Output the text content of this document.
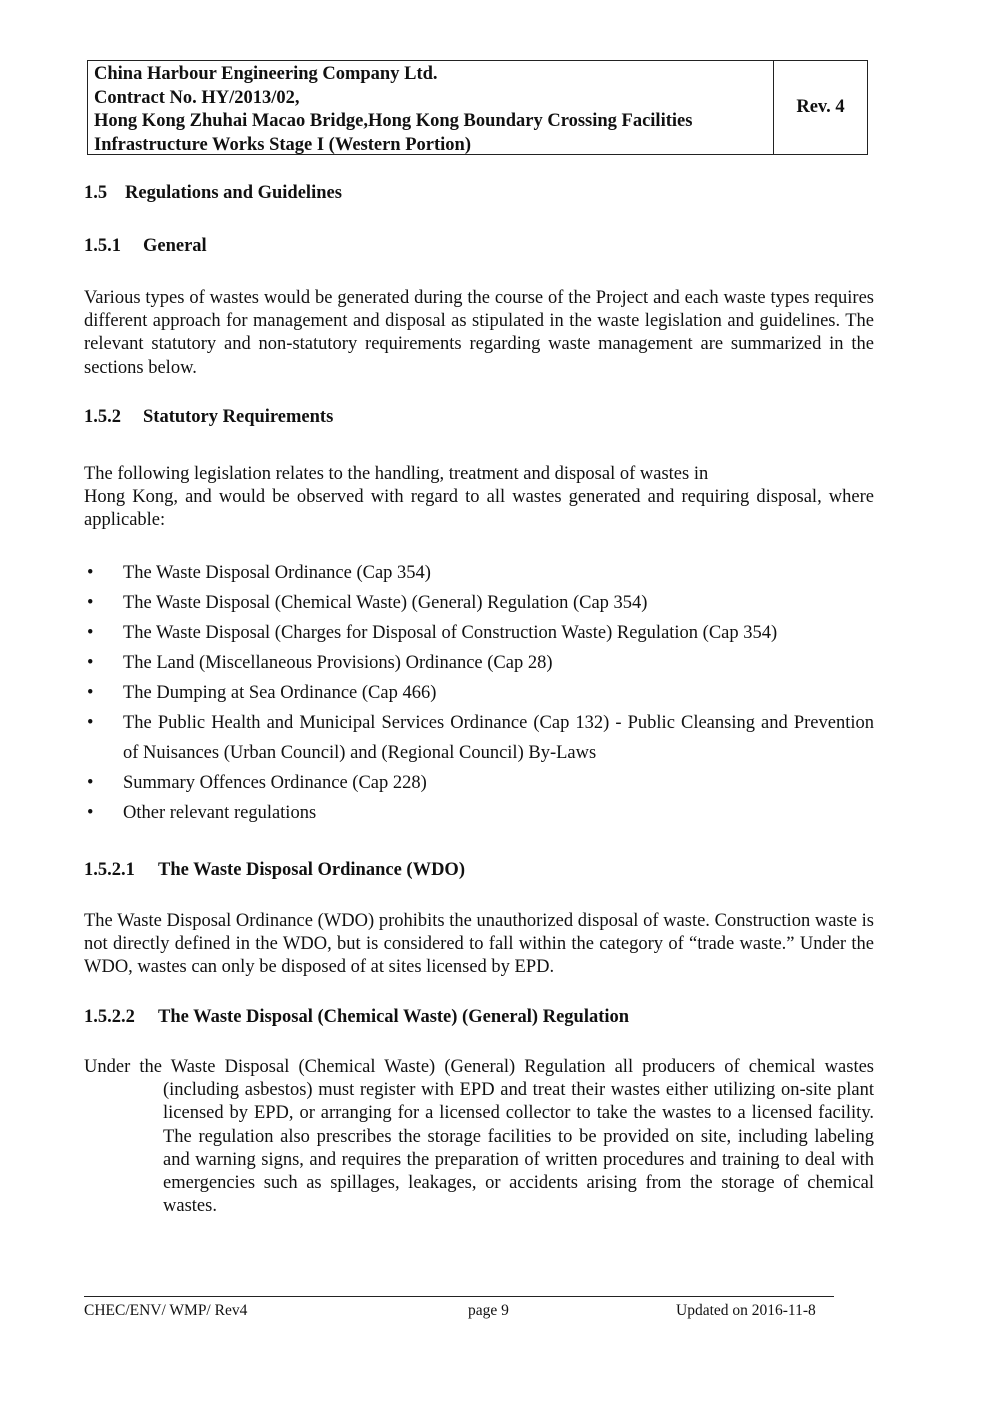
China Harbour Engineering Company Ltd.
Contract No. HY/2013/02,
Hong Kong Zhuhai Macao Bridge,Hong Kong Boundary Crossing Facilities
Infrastructure Works Stage I (Western Portion)
Rev. 4
1.5 Regulations and Guidelines
1.5.1 General
Various types of wastes would be generated during the course of the Project and each waste types requires different approach for management and disposal as stipulated in the waste legislation and guidelines. The relevant statutory and non-statutory requirements regarding waste management are summarized in the sections below.
1.5.2 Statutory Requirements
The following legislation relates to the handling, treatment and disposal of wastes in
Hong Kong, and would be observed with regard to all wastes generated and requiring disposal, where applicable:
• The Waste Disposal Ordinance (Cap 354)
• The Waste Disposal (Chemical Waste) (General) Regulation (Cap 354)
• The Waste Disposal (Charges for Disposal of Construction Waste) Regulation (Cap 354)
• The Land (Miscellaneous Provisions) Ordinance (Cap 28)
• The Dumping at Sea Ordinance (Cap 466)
• The Public Health and Municipal Services Ordinance (Cap 132) - Public Cleansing and Prevention of Nuisances (Urban Council) and (Regional Council) By-Laws
• Summary Offences Ordinance (Cap 228)
• Other relevant regulations
1.5.2.1 The Waste Disposal Ordinance (WDO)
The Waste Disposal Ordinance (WDO) prohibits the unauthorized disposal of waste. Construction waste is not directly defined in the WDO, but is considered to fall within the category of “trade waste.” Under the WDO, wastes can only be disposed of at sites licensed by EPD.
1.5.2.2 The Waste Disposal (Chemical Waste) (General) Regulation
Under the Waste Disposal (Chemical Waste) (General) Regulation all producers of chemical wastes (including asbestos) must register with EPD and treat their wastes either utilizing on-site plant licensed by EPD, or arranging for a licensed collector to take the wastes to a licensed facility. The regulation also prescribes the storage facilities to be provided on site, including labeling and warning signs, and requires the preparation of written procedures and training to deal with emergencies such as spillages, leakages, or accidents arising from the storage of chemical wastes.
CHEC/ENV/ WMP/ Rev4	page 9	Updated on 2016-11-8
